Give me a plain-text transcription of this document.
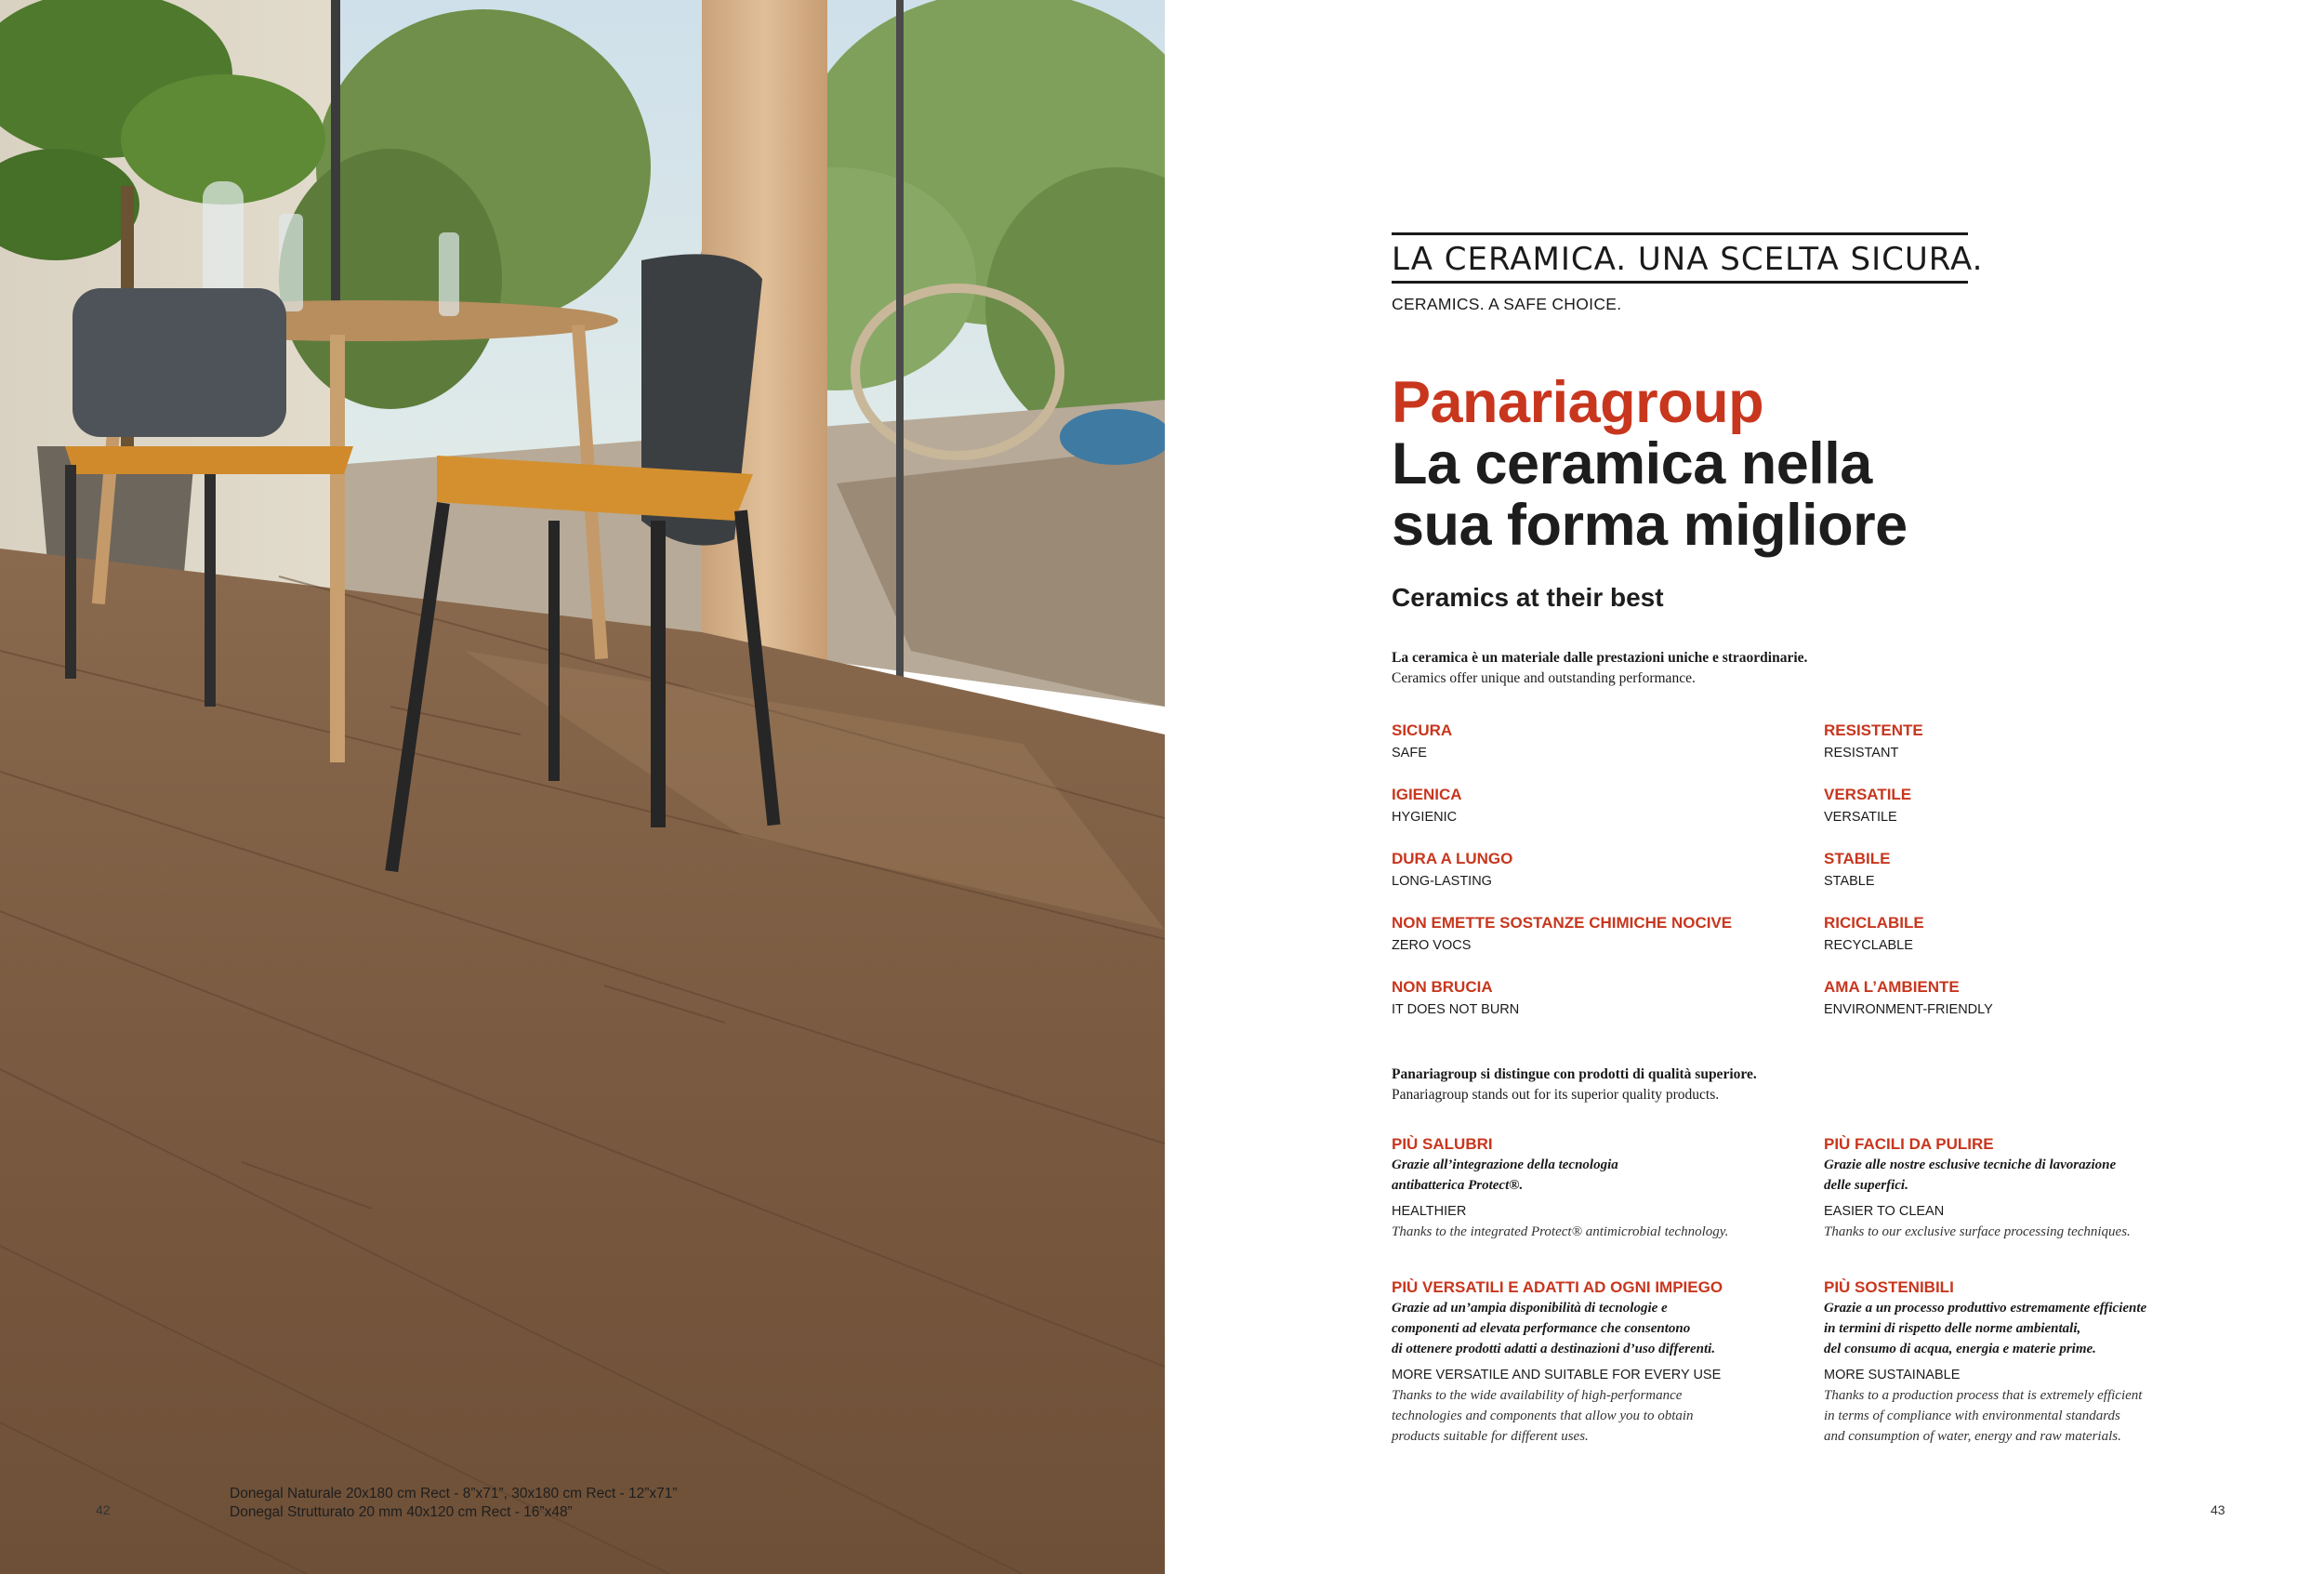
Donegal Naturale 20x180 cm Rect - 8”x71”, 30x180 cm Rect - 12”x71”
Donegal Strutturato 20 mm 40x120 cm Rect - 16”x48”
42
LA CERAMICA. UNA SCELTA SICURA.
CERAMICS. A SAFE CHOICE.
Panariagroup
La ceramica nella
sua forma migliore
Ceramics at their best
La ceramica è un materiale dalle prestazioni uniche e straordinarie.
Ceramics offer unique and outstanding performance.
SICURA
SAFE
IGIENICA
HYGIENIC
DURA A LUNGO
LONG-LASTING
NON EMETTE SOSTANZE CHIMICHE NOCIVE
ZERO VOCS
NON BRUCIA
IT DOES NOT BURN
RESISTENTE
RESISTANT
VERSATILE
VERSATILE
STABILE
STABLE
RICICLABILE
RECYCLABLE
AMA L’AMBIENTE
ENVIRONMENT-FRIENDLY
Panariagroup si distingue con prodotti di qualità superiore.
Panariagroup stands out for its superior quality products.
PIÙ SALUBRI
Grazie all’integrazione della tecnologia
antibatterica Protect®.
HEALTHIER
Thanks to the integrated Protect® antimicrobial technology.
PIÙ FACILI DA PULIRE
Grazie alle nostre esclusive tecniche di lavorazione
delle superfici.
EASIER TO CLEAN
Thanks to our exclusive surface processing techniques.
PIÙ VERSATILI E ADATTI AD OGNI IMPIEGO
Grazie ad un’ampia disponibilità di tecnologie e
componenti ad elevata performance che consentono
di ottenere prodotti adatti a destinazioni d’uso differenti.
MORE VERSATILE AND SUITABLE FOR EVERY USE
Thanks to the wide availability of high-performance
technologies and components that allow you to obtain
products suitable for different uses.
PIÙ SOSTENIBILI
Grazie a un processo produttivo estremamente efficiente
in termini di rispetto delle norme ambientali,
del consumo di acqua, energia e materie prime.
MORE SUSTAINABLE
Thanks to a production process that is extremely efficient
in terms of compliance with environmental standards
and consumption of water, energy and raw materials.
43
